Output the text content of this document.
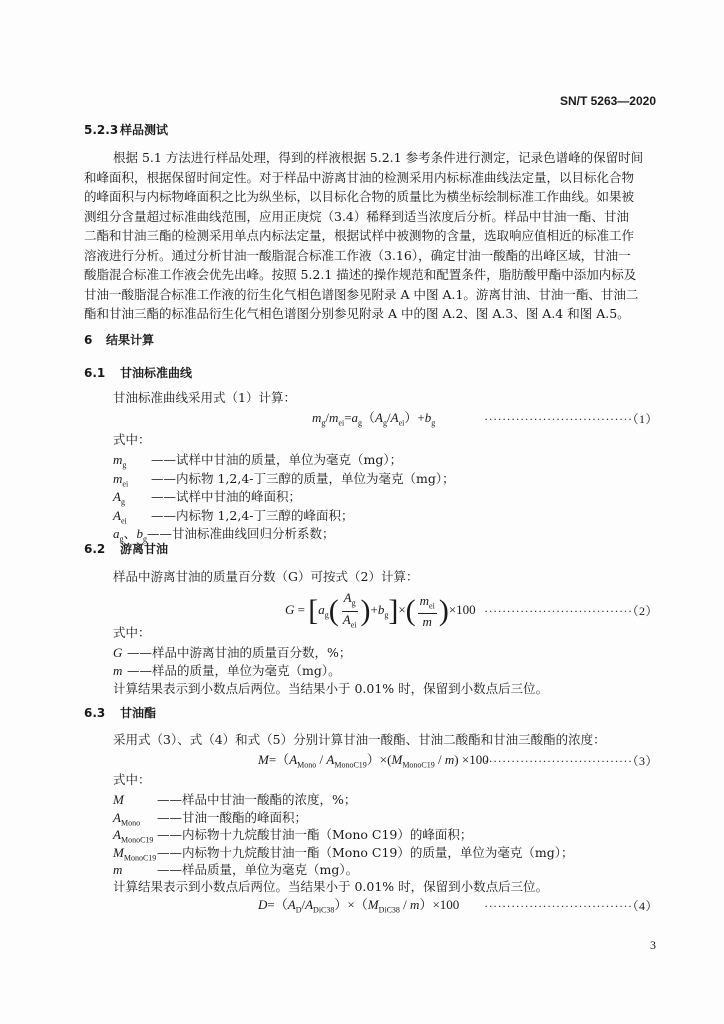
SN/T 5263—2020
5.2.3 样品测试
根据 5.1 方法进行样品处理，得到的样液根据 5.2.1 参考条件进行测定，记录色谱峰的保留时间
和峰面积，根据保留时间定性。对于样品中游离甘油的检测采用内标标准曲线法定量，以目标化合物
的峰面积与内标物峰面积之比为纵坐标，以目标化合物的质量比为横坐标绘制标准工作曲线。如果被
测组分含量超过标准曲线范围，应用正庚烷（3.4）稀释到适当浓度后分析。样品中甘油一酯、甘油
二酯和甘油三酯的检测采用单点内标法定量，根据试样中被测物的含量，选取响应值相近的标准工作
溶液进行分析。通过分析甘油一酸脂混合标准工作液（3.16），确定甘油一酸酯的出峰区域，甘油一
酸脂混合标准工作液会优先出峰。按照 5.2.1 描述的操作规范和配置条件，脂肪酸甲酯中添加内标及
甘油一酸脂混合标准工作液的衍生化气相色谱图参见附录 A 中图 A.1。游离甘油、甘油一酯、甘油二
酯和甘油三酯的标准品衍生化气相色谱图分别参见附录 A 中的图 A.2、图 A.3、图 A.4 和图 A.5。
6 结果计算
6.1 甘油标准曲线
甘油标准曲线采用式（1）计算：
$m_g/m_{ei}=a_g(A_g/A_{ei})+b_g$	·································（1）
式中：
$m_g$ ——试样中甘油的质量，单位为毫克（mg）；
$m_{ei}$ ——内标物 1,2,4-丁三醇的质量，单位为毫克（mg）；
$A_g$ ——试样中甘油的峰面积；
$A_{ei}$ ——内标物 1,2,4-丁三醇的峰面积；
$a_g$、$b_g——$甘油标准曲线回归分析系数；
6.2 游离甘油
样品中游离甘油的质量百分数（G）可按式（2）计算：
$G = [a_g( \frac{A_g}{A_{ei}} )+b_g]\times( \frac{m_{ei}}{m} )\times 100 \cdot\cdot\cdot\cdot\cdot\cdot\cdot\cdot\cdot\cdot\cdot\cdot\cdot\cdot\cdot\cdot\cdot\cdot\cdot\cdot\cdot\cdot\cdot\cdot\cdot\cdot\cdot\cdot\cdot\cdot\cdot\cdot\cdot(2)$
式中：
G ——样品中游离甘油的质量百分数，%；
m ——样品的质量，单位为毫克（mg）。
计算结果表示到小数点后两位。当结果小于 0.01% 时，保留到小数点后三位。
6.3 甘油酯
采用式（3）、式（4）和式（5）分别计算甘油一酸酯、甘油二酸酯和甘油三酸酯的浓度：
$M=(A_{Mono} / A_{MonoC19})\times(M_{MonoC19} / m) \times 100$
·································（3）
式中：
M	——样品中甘油一酸酯的浓度，%；
$A_{Mono}$ ——甘油一酸酯的峰面积；
$A_{MonoC19}$ ——内标物十九烷酸甘油一酯（Mono C19）的峰面积；
$M_{MonoC19}——$内标物十九烷酸甘油一酯（Mono C19）的质量，单位为毫克（mg）；
m	——样品质量，单位为毫克（mg）。
计算结果表示到小数点后两位。当结果小于 0.01% 时，保留到小数点后三位。
$D=(A_D/A_{DiC38})\times(M_{DiC38} / m)\times 100 \cdot\cdot\cdot\cdot\cdot\cdot\cdot\cdot\cdot\cdot\cdot\cdot\cdot\cdot\cdot\cdot\cdot\cdot\cdot\cdot\cdot\cdot\cdot\cdot\cdot\cdot\cdot\cdot\cdot\cdot\cdot\cdot\cdot(4)$
3
